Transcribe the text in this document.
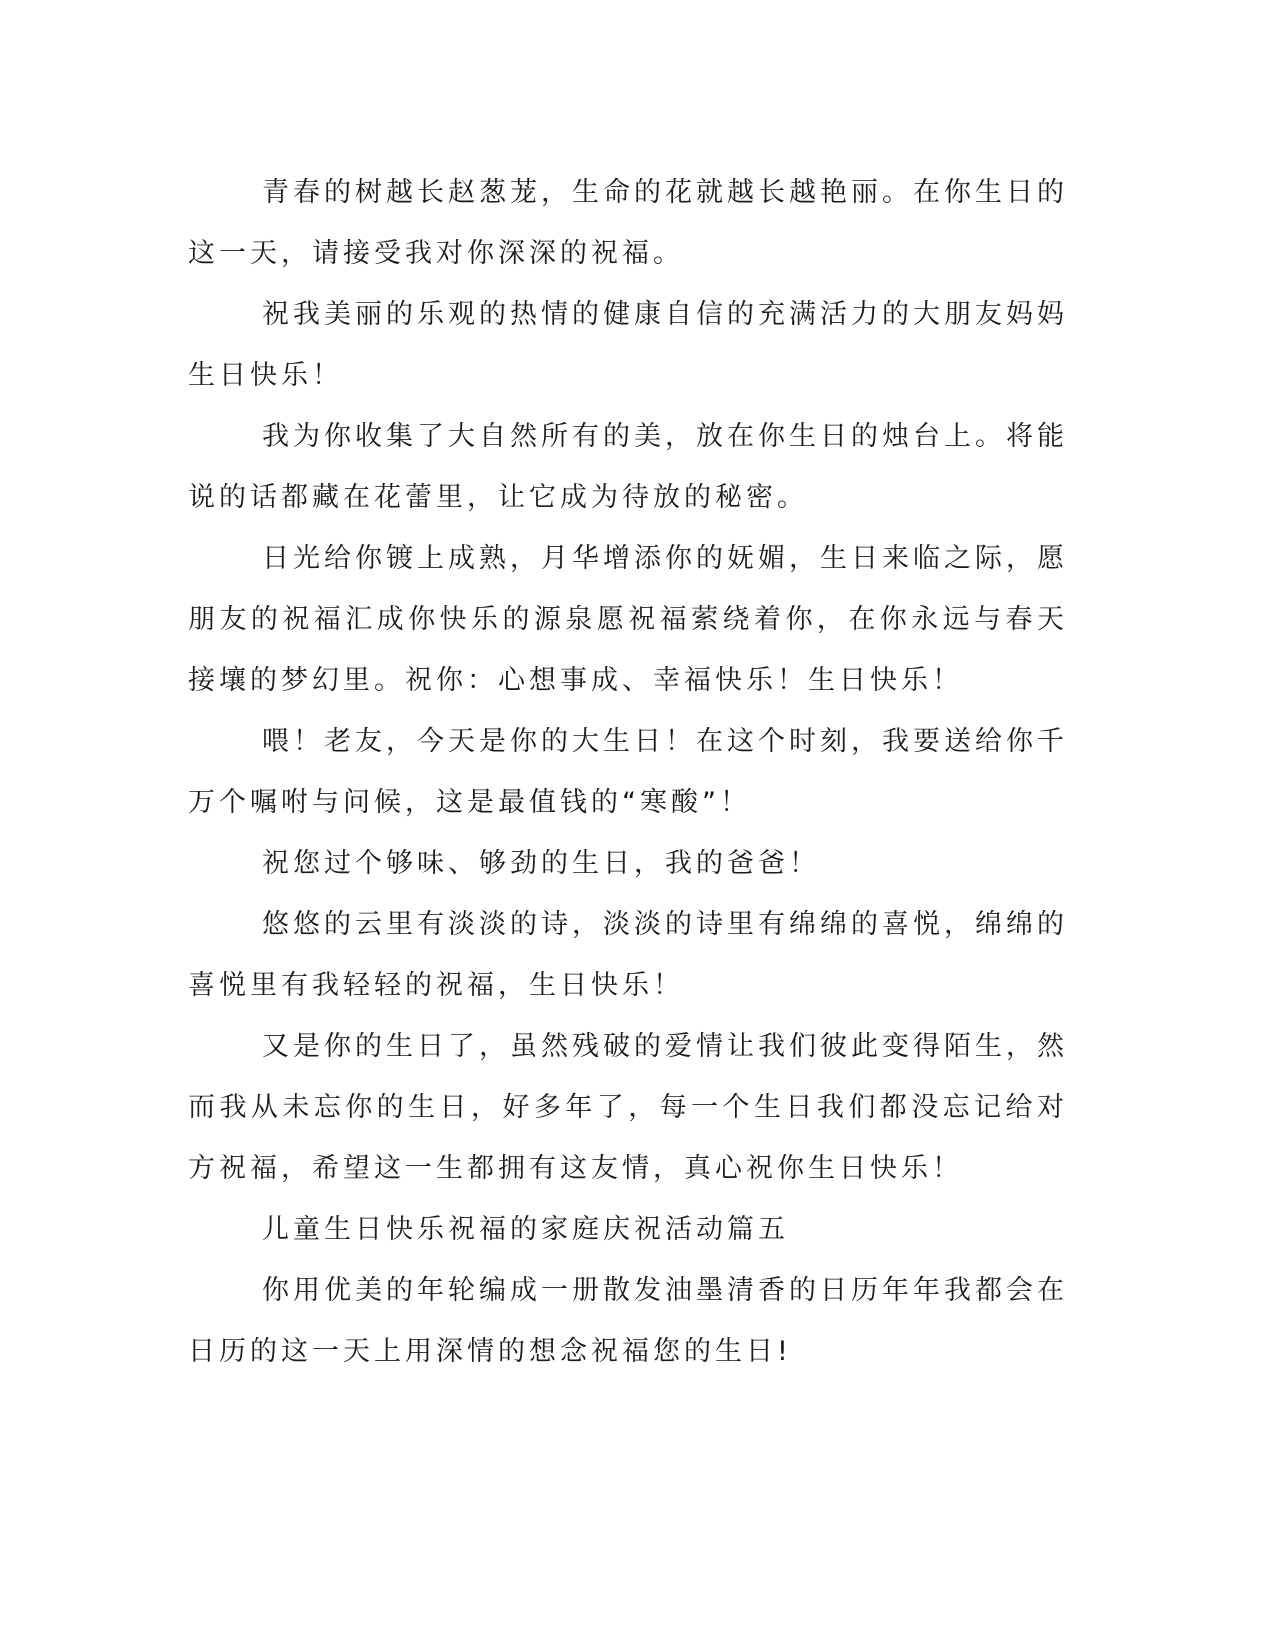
青春的树越长赵葱茏，生命的花就越长越艳丽。在你生日的这一天，请接受我对你深深的祝福。

祝我美丽的乐观的热情的健康自信的充满活力的大朋友妈妈生日快乐！

我为你收集了大自然所有的美，放在你生日的烛台上。将能说的话都藏在花蕾里，让它成为待放的秘密。

日光给你镀上成熟，月华增添你的妩媚，生日来临之际，愿朋友的祝福汇成你快乐的源泉愿祝福萦绕着你，在你永远与春天接壤的梦幻里。祝你：心想事成、幸福快乐！生日快乐！

喂！老友，今天是你的大生日！在这个时刻，我要送给你千万个嘱咐与问候，这是最值钱的“寒酸”！

祝您过个够味、够劲的生日，我的爸爸！

悠悠的云里有淡淡的诗，淡淡的诗里有绵绵的喜悦，绵绵的喜悦里有我轻轻的祝福，生日快乐！

又是你的生日了，虽然残破的爱情让我们彼此变得陌生，然而我从未忘你的生日，好多年了，每一个生日我们都没忘记给对方祝福，希望这一生都拥有这友情，真心祝你生日快乐！

儿童生日快乐祝福的家庭庆祝活动篇五

你用优美的年轮编成一册散发油墨清香的日历年年我都会在日历的这一天上用深情的想念祝福您的生日!
